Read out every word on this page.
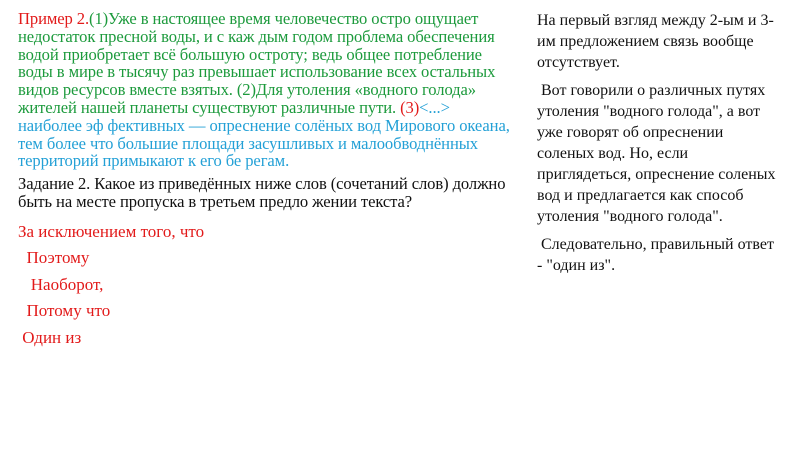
Пример 2.(1)Уже в настоящее время человечество остро ощущает недостаток пресной воды, и с каж дым годом проблема обеспечения водой приобретает всё большую остроту; ведь общее потребление воды в мире в тысячу раз превышает использование всех остальных видов ресурсов вместе взятых. (2)Для утоления «водного голода» жителей нашей планеты существуют различные пути. (3)<...> наиболее эф фективных — опреснение солёных вод Мирового океана, тем более что большие площади засушливых и малообводнённых территорий примыкают к его бе регам.
Задание 2. Какое из приведённых ниже слов (сочетаний слов) должно быть на месте пропуска в третьем предло жении текста?
За исключением того, что
Поэтому
Наоборот,
Потому что
Один из

На первый взгляд между 2-ым и 3-им предложением связь вообще отсутствует.

Вот говорили о различных путях утоления "водного голода", а вот уже говорят об опреснении соленых вод. Но, если приглядеться, опреснение соленых вод и предлагается как способ утоления "водного голода".

Следовательно, правильный ответ - "один из".
